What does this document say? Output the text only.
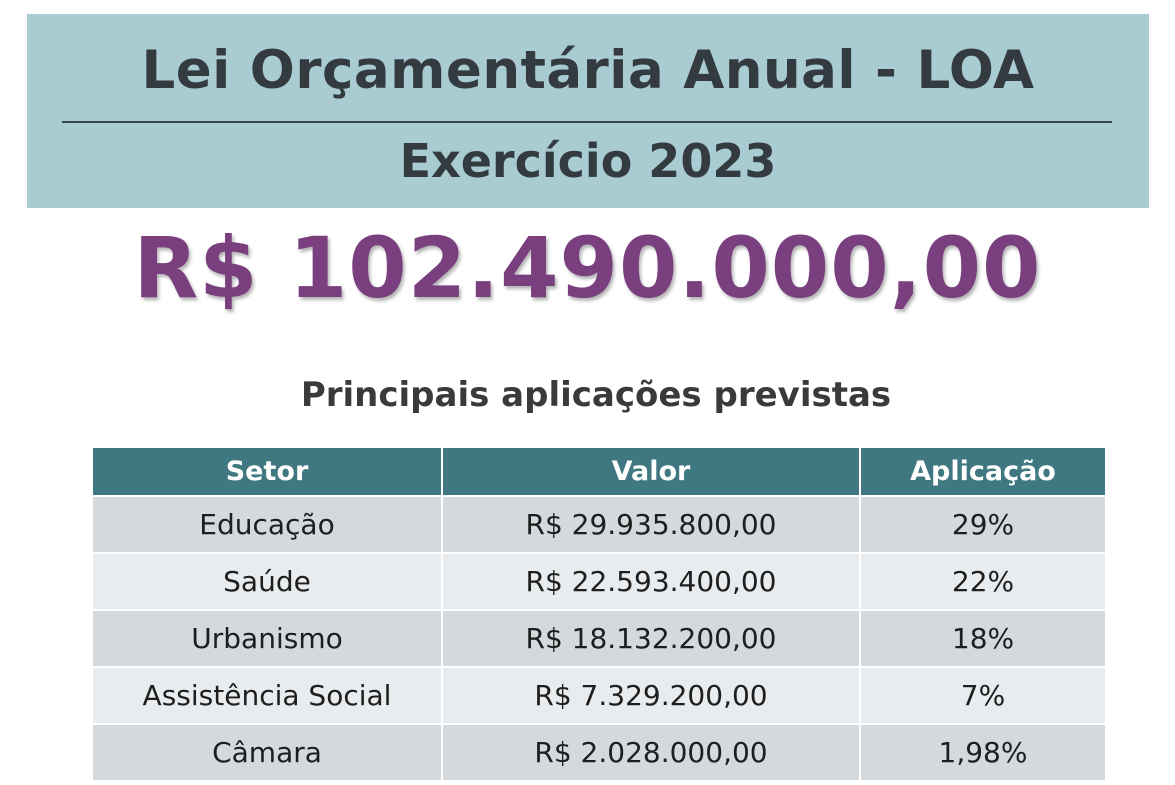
Lei Orçamentária Anual - LOA
Exercício 2023
R$ 102.490.000,00
Principais aplicações previstas
Setor	Valor	Aplicação
Educação	R$ 29.935.800,00	29%
Saúde	R$ 22.593.400,00	22%
Urbanismo	R$ 18.132.200,00	18%
Assistência Social	R$ 7.329.200,00	7%
Câmara	R$ 2.028.000,00	1,98%
